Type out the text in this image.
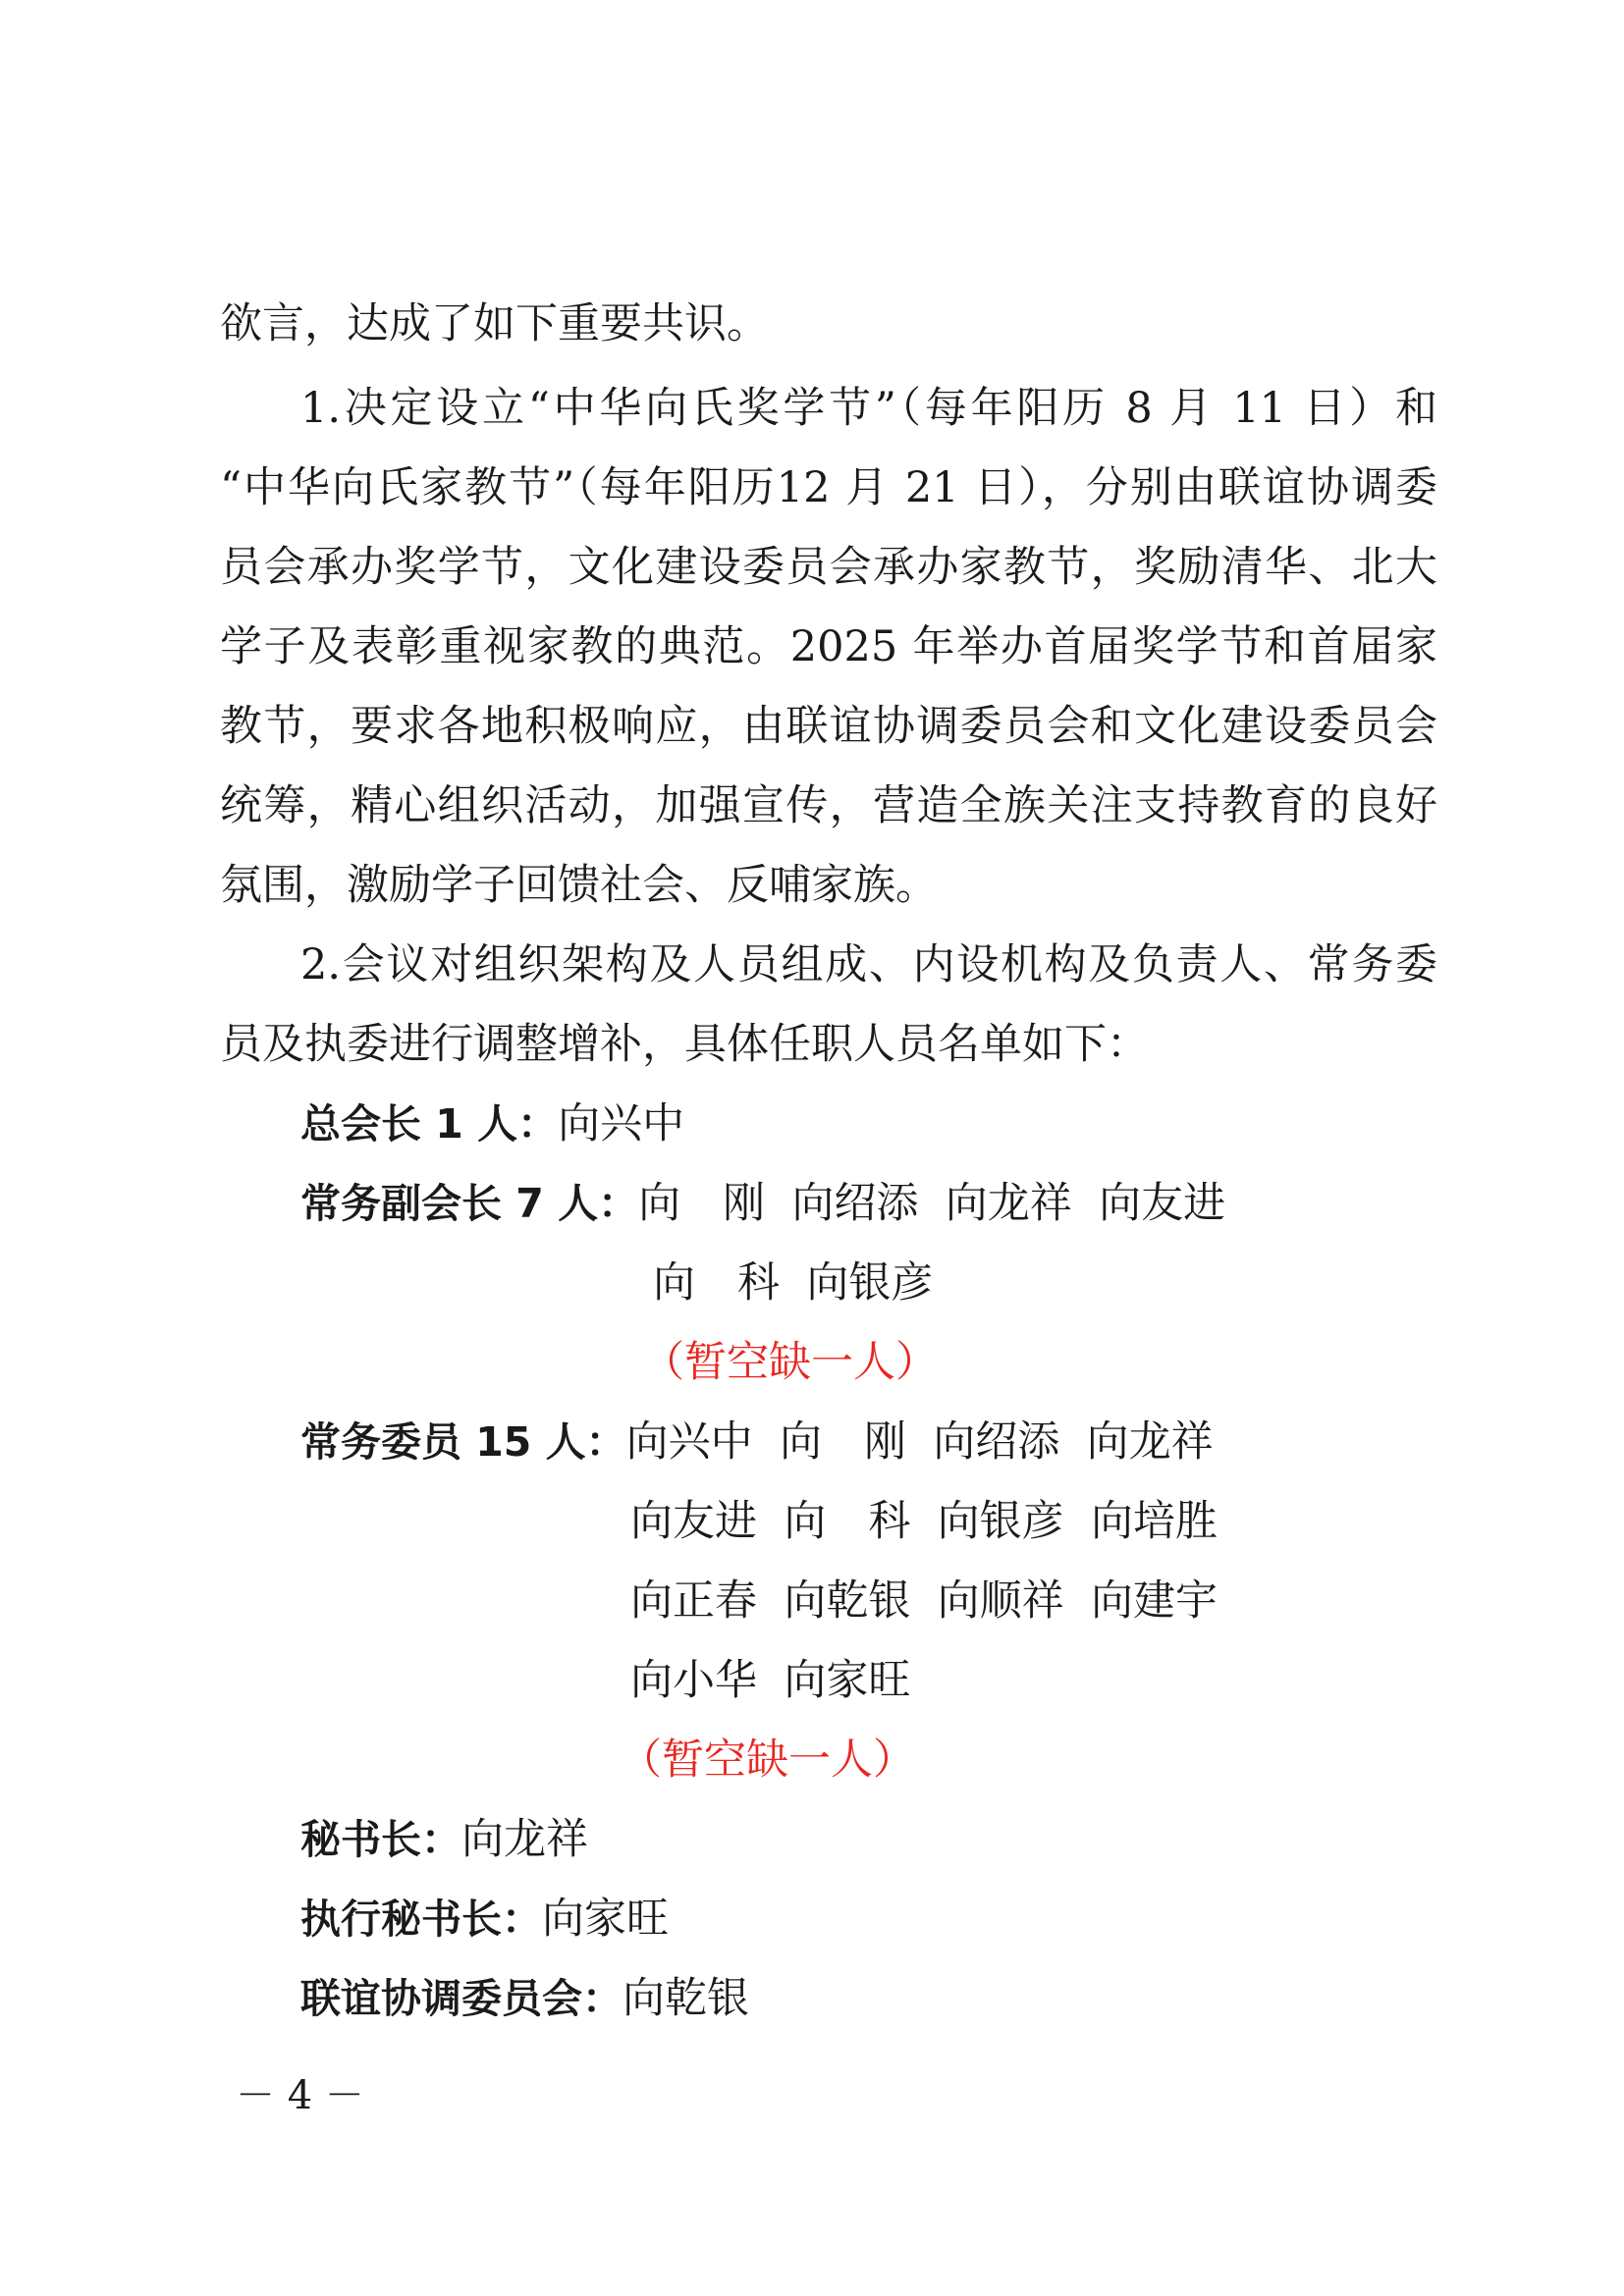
欲言，达成了如下重要共识。
1.决定设立“中华向氏奖学节”（每年阳历 8 月 11 日）和
“中华向氏家教节”（每年阳历12 月 21 日），分别由联谊协调委
员会承办奖学节，文化建设委员会承办家教节，奖励清华、北大
学子及表彰重视家教的典范。2025 年举办首届奖学节和首届家
教节，要求各地积极响应，由联谊协调委员会和文化建设委员会
统筹，精心组织活动，加强宣传，营造全族关注支持教育的良好
氛围，激励学子回馈社会、反哺家族。
2.会议对组织架构及人员组成、内设机构及负责人、常务委
员及执委进行调整增补，具体任职人员名单如下：
总会长 1 人：向兴中
常务副会长 7 人：向　刚  向绍添  向龙祥  向友进
向　科  向银彦
（暂空缺一人）
常务委员 15 人：向兴中  向　刚  向绍添  向龙祥
向友进  向　科  向银彦  向培胜
向正春  向乾银  向顺祥  向建宇
向小华  向家旺
（暂空缺一人）
秘书长：向龙祥
执行秘书长：向家旺
联谊协调委员会：向乾银
－ 4 －
